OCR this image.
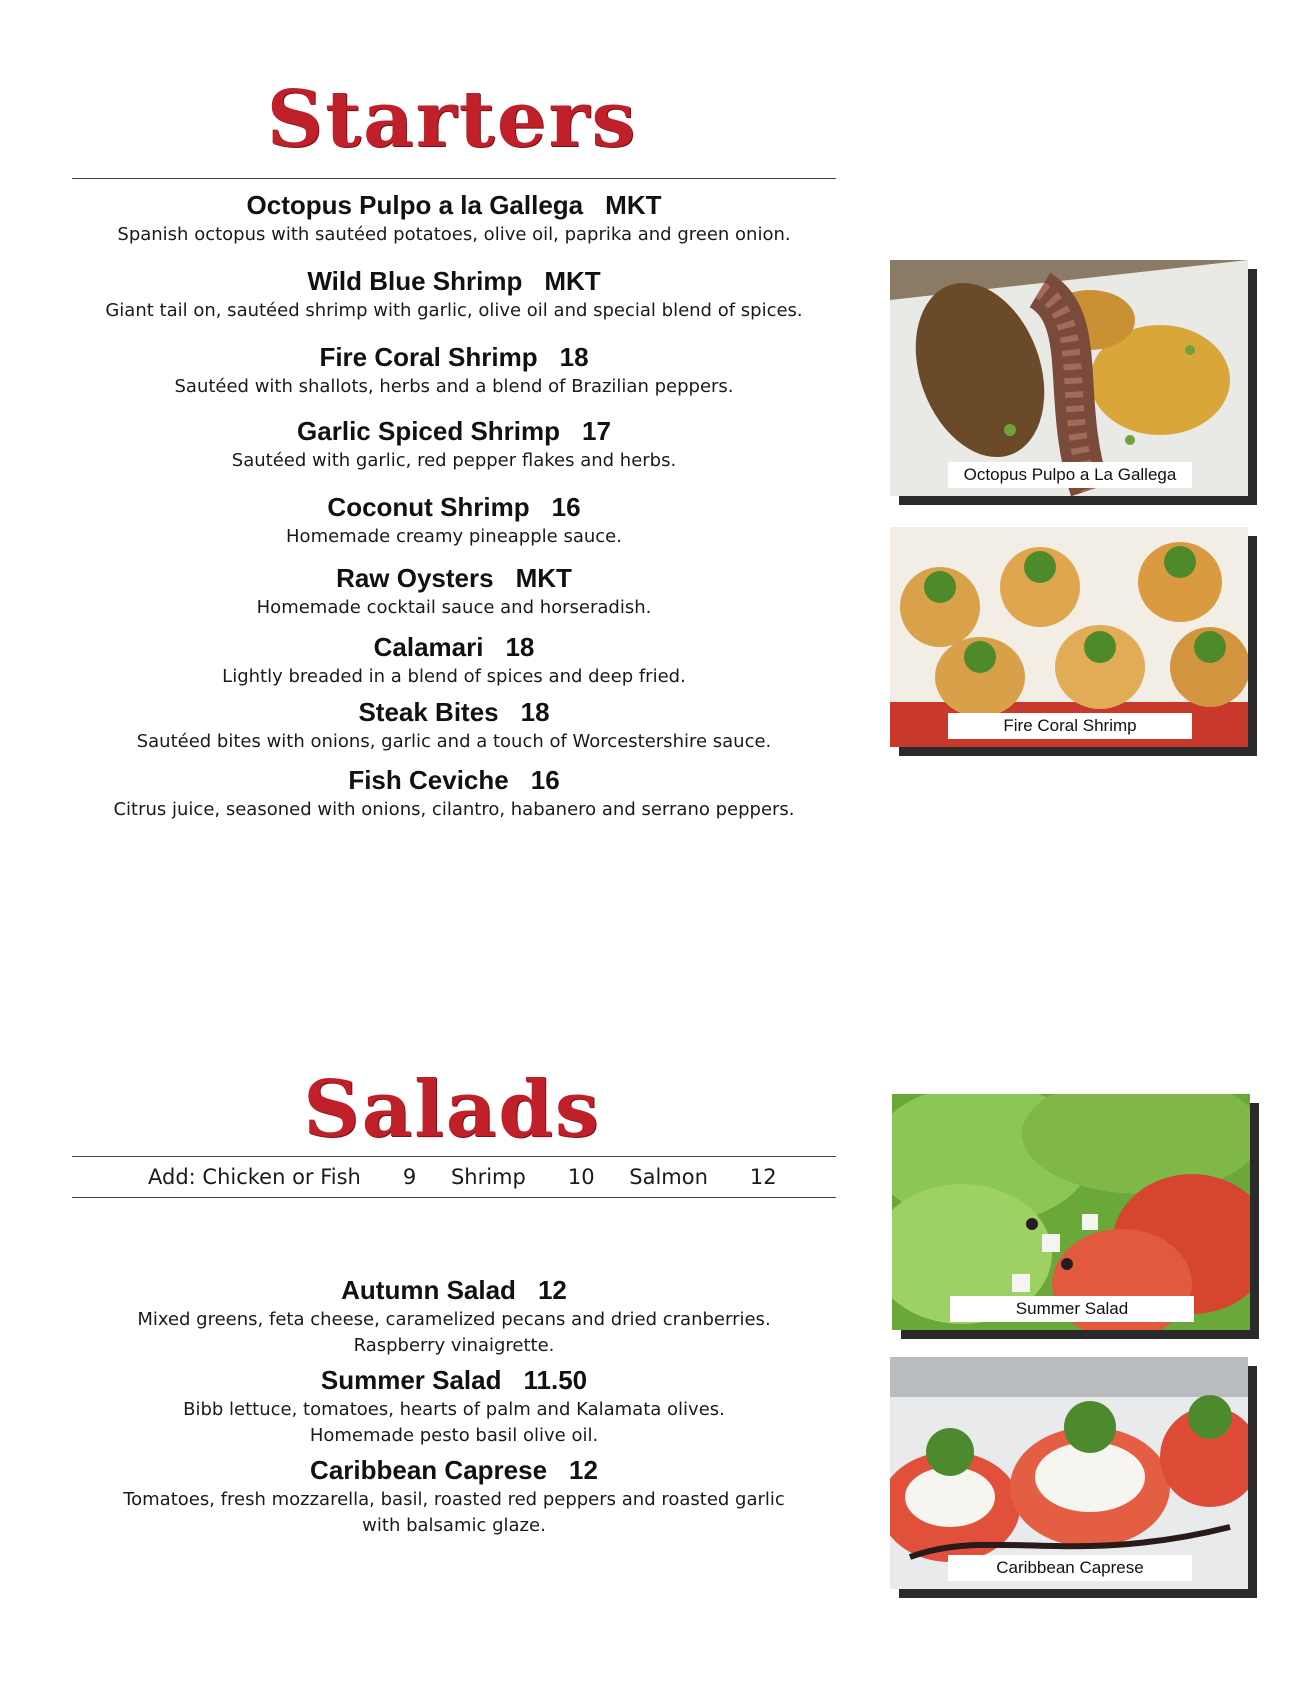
Starters
Octopus Pulpo a la Gallega MKT
Spanish octopus with sautéed potatoes, olive oil, paprika and green onion.
Wild Blue Shrimp MKT
Giant tail on, sautéed shrimp with garlic, olive oil and special blend of spices.
Fire Coral Shrimp 18
Sautéed with shallots, herbs and a blend of Brazilian peppers.
Garlic Spiced Shrimp 17
Sautéed with garlic, red pepper flakes and herbs.
Coconut Shrimp 16
Homemade creamy pineapple sauce.
Raw Oysters MKT
Homemade cocktail sauce and horseradish.
Calamari 18
Lightly breaded in a blend of spices and deep fried.
Steak Bites 18
Sautéed bites with onions, garlic and a touch of Worcestershire sauce.
Fish Ceviche 16
Citrus juice, seasoned with onions, cilantro, habanero and serrano peppers.
Octopus Pulpo a La Gallega
Fire Coral Shrimp
Salads
Add: Chicken or Fish 9 Shrimp 10 Salmon 12
Autumn Salad 12
Mixed greens, feta cheese, caramelized pecans and dried cranberries.
Raspberry vinaigrette.
Summer Salad 11.50
Bibb lettuce, tomatoes, hearts of palm and Kalamata olives.
Homemade pesto basil olive oil.
Caribbean Caprese 12
Tomatoes, fresh mozzarella, basil, roasted red peppers and roasted garlic
with balsamic glaze.
Summer Salad
Caribbean Caprese
